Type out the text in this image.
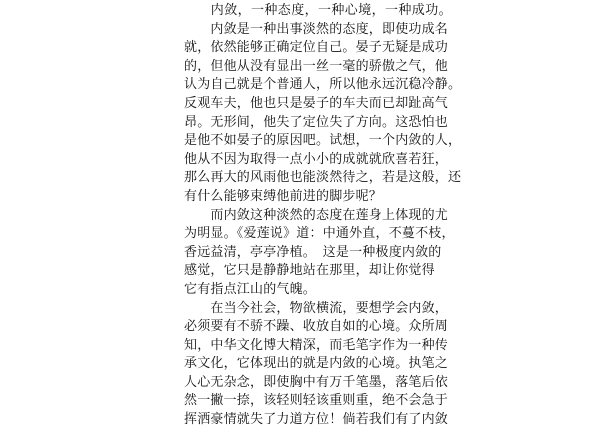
　　内敛，一种态度，一种心境，一种成功。
　　内敛是一种出事淡然的态度，即使功成名
就，依然能够正确定位自己。晏子无疑是成功
的，但他从没有显出一丝一毫的骄傲之气，他
认为自己就是个普通人，所以他永远沉稳冷静。
反观车夫，他也只是晏子的车夫而已却趾高气
昂。无形间，他失了定位失了方向。这恐怕也
是他不如晏子的原因吧。试想，一个内敛的人，
他从不因为取得一点小小的成就就欣喜若狂，
那么再大的风雨他也能淡然待之，若是这般，还
有什么能够束缚他前进的脚步呢？
　　而内敛这种淡然的态度在莲身上体现的尤
为明显。《爱莲说》道：中通外直，不蔓不枝，
香远益清，亭亭净植。　这是一种极度内敛的
感觉，它只是静静地站在那里，却让你觉得
它有指点江山的气魄。
　　在当今社会，物欲横流，要想学会内敛，
必须要有不骄不躁、收放自如的心境。众所周
知，中华文化博大精深，而毛笔字作为一种传
承文化，它体现出的就是内敛的心境。执笔之
人心无杂念，即使胸中有万千笔墨，落笔后依
然一撇一捺，该轻则轻该重则重，绝不会急于
挥洒豪情就失了力道方位！倘若我们有了内敛
